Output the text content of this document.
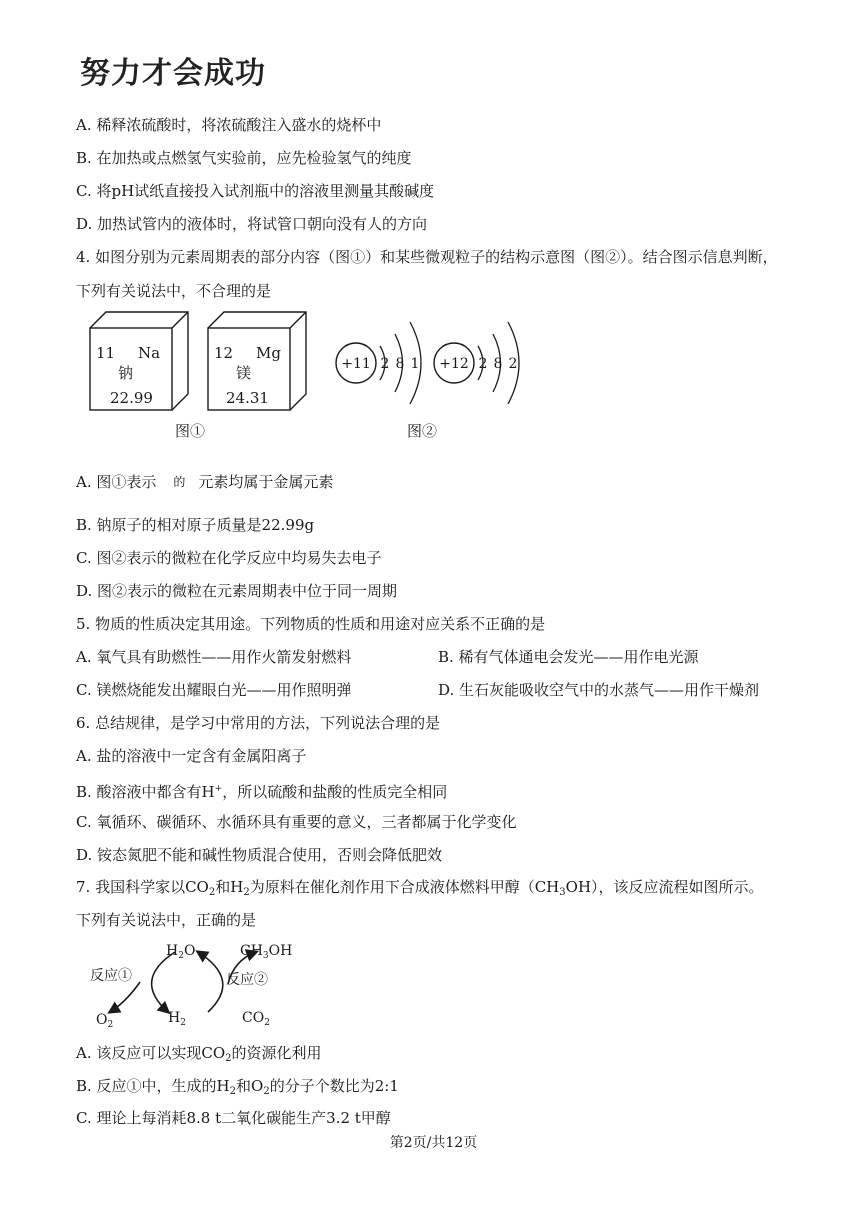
努力才会成功
A. 稀释浓硫酸时，将浓硫酸注入盛水的烧杯中
B. 在加热或点燃氢气实验前，应先检验氢气的纯度
C. 将pH试纸直接投入试剂瓶中的溶液里测量其酸碱度
D. 加热试管内的液体时，将试管口朝向没有人的方向
4. 如图分别为元素周期表的部分内容（图①）和某些微观粒子的结构示意图（图②）。结合图示信息判断，
下列有关说法中，不合理的是
11 Na
钠
22.99
12 Mg
镁
24.31
+11 2 8 1 +12 2 8 2
图①	图②
A. 图①表示 的 元素均属于金属元素
B. 钠原子的相对原子质量是22.99g
C. 图②表示的微粒在化学反应中均易失去电子
D. 图②表示的微粒在元素周期表中位于同一周期
5. 物质的性质决定其用途。下列物质的性质和用途对应关系不正确的是
A. 氧气具有助燃性——用作火箭发射燃料	B. 稀有气体通电会发光——用作电光源
C. 镁燃烧能发出耀眼白光——用作照明弹	D. 生石灰能吸收空气中的水蒸气——用作干燥剂
6. 总结规律，是学习中常用的方法，下列说法合理的是
A. 盐的溶液中一定含有金属阳离子
B. 酸溶液中都含有H+，所以硫酸和盐酸的性质完全相同
C. 氧循环、碳循环、水循环具有重要的意义，三者都属于化学变化
D. 铵态氮肥不能和碱性物质混合使用，否则会降低肥效
7. 我国科学家以$CO_2$和$H_2$为原料在催化剂作用下合成液体燃料甲醇$(CH_3OH)$，该反应流程如图所示。
下列有关说法中，正确的是
反应①	反应②
$H_2O$
$O_2$	$H_2$
$CH_3OH$
$CO_2$
A. 该反应可以实现$CO_2$的资源化利用
B. 反应①中，生成的$H_2$和$O_2$的分子个数比为2:1
C. 理论上每消耗8.8 t二氧化碳能生产3.2 t甲醇
第2页/共12页
